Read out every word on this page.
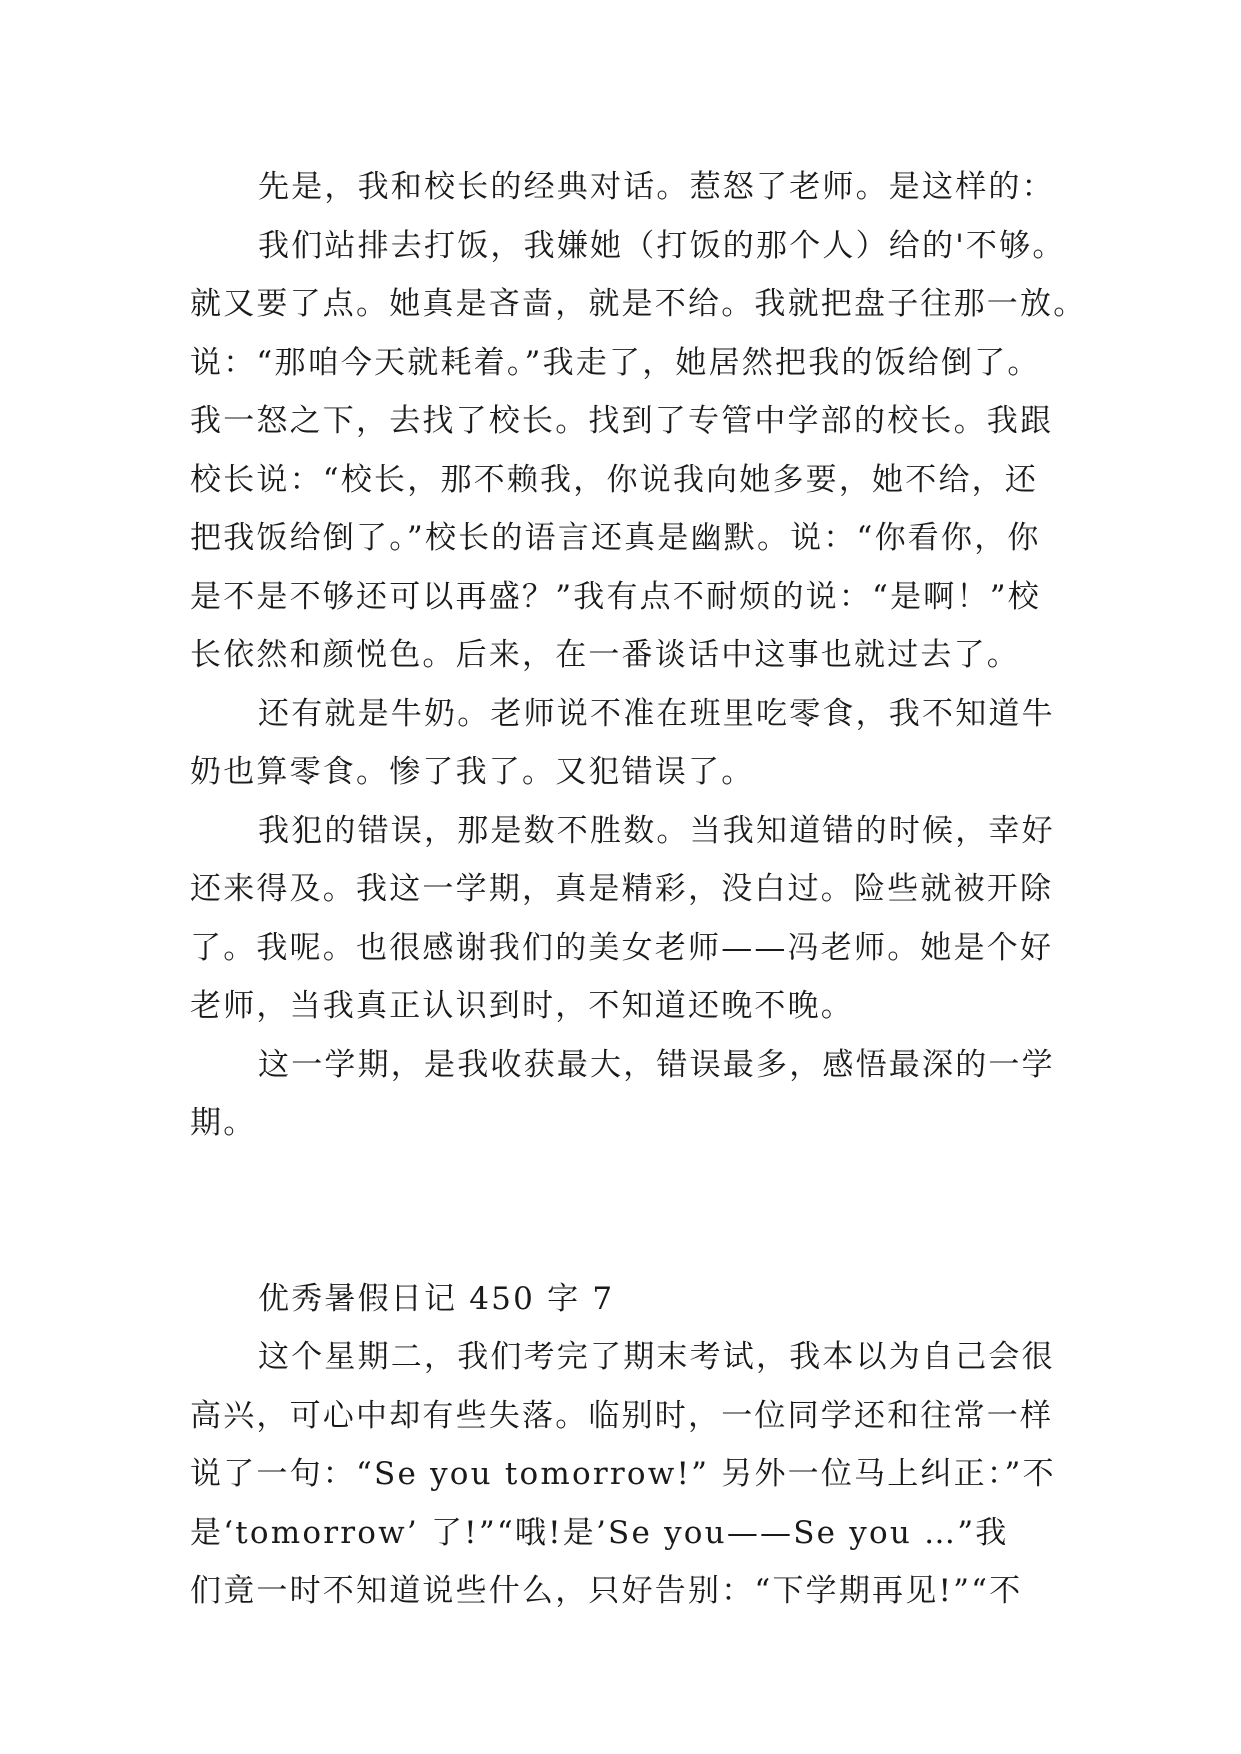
先是，我和校长的经典对话。惹怒了老师。是这样的：
我们站排去打饭，我嫌她（打饭的那个人）给的'不够。
就又要了点。她真是吝啬，就是不给。我就把盘子往那一放。
说：“那咱今天就耗着。”我走了，她居然把我的饭给倒了。
我一怒之下，去找了校长。找到了专管中学部的校长。我跟
校长说：“校长，那不赖我，你说我向她多要，她不给，还
把我饭给倒了。”校长的语言还真是幽默。说：“你看你，你
是不是不够还可以再盛？”我有点不耐烦的说：“是啊！”校
长依然和颜悦色。后来，在一番谈话中这事也就过去了。
还有就是牛奶。老师说不准在班里吃零食，我不知道牛
奶也算零食。惨了我了。又犯错误了。
我犯的错误，那是数不胜数。当我知道错的时候，幸好
还来得及。我这一学期，真是精彩，没白过。险些就被开除
了。我呢。也很感谢我们的美女老师——冯老师。她是个好
老师，当我真正认识到时，不知道还晚不晚。
这一学期，是我收获最大，错误最多，感悟最深的一学
期。
优秀暑假日记 450 字 7
这个星期二，我们考完了期末考试，我本以为自己会很
高兴，可心中却有些失落。临别时，一位同学还和往常一样
说了一句：“Se you tomorrow!” 另外一位马上纠正：”不
是‘tomorrow’ 了!”“哦!是’Se you——Se you …”我
们竟一时不知道说些什么，只好告别：“下学期再见!”“不
